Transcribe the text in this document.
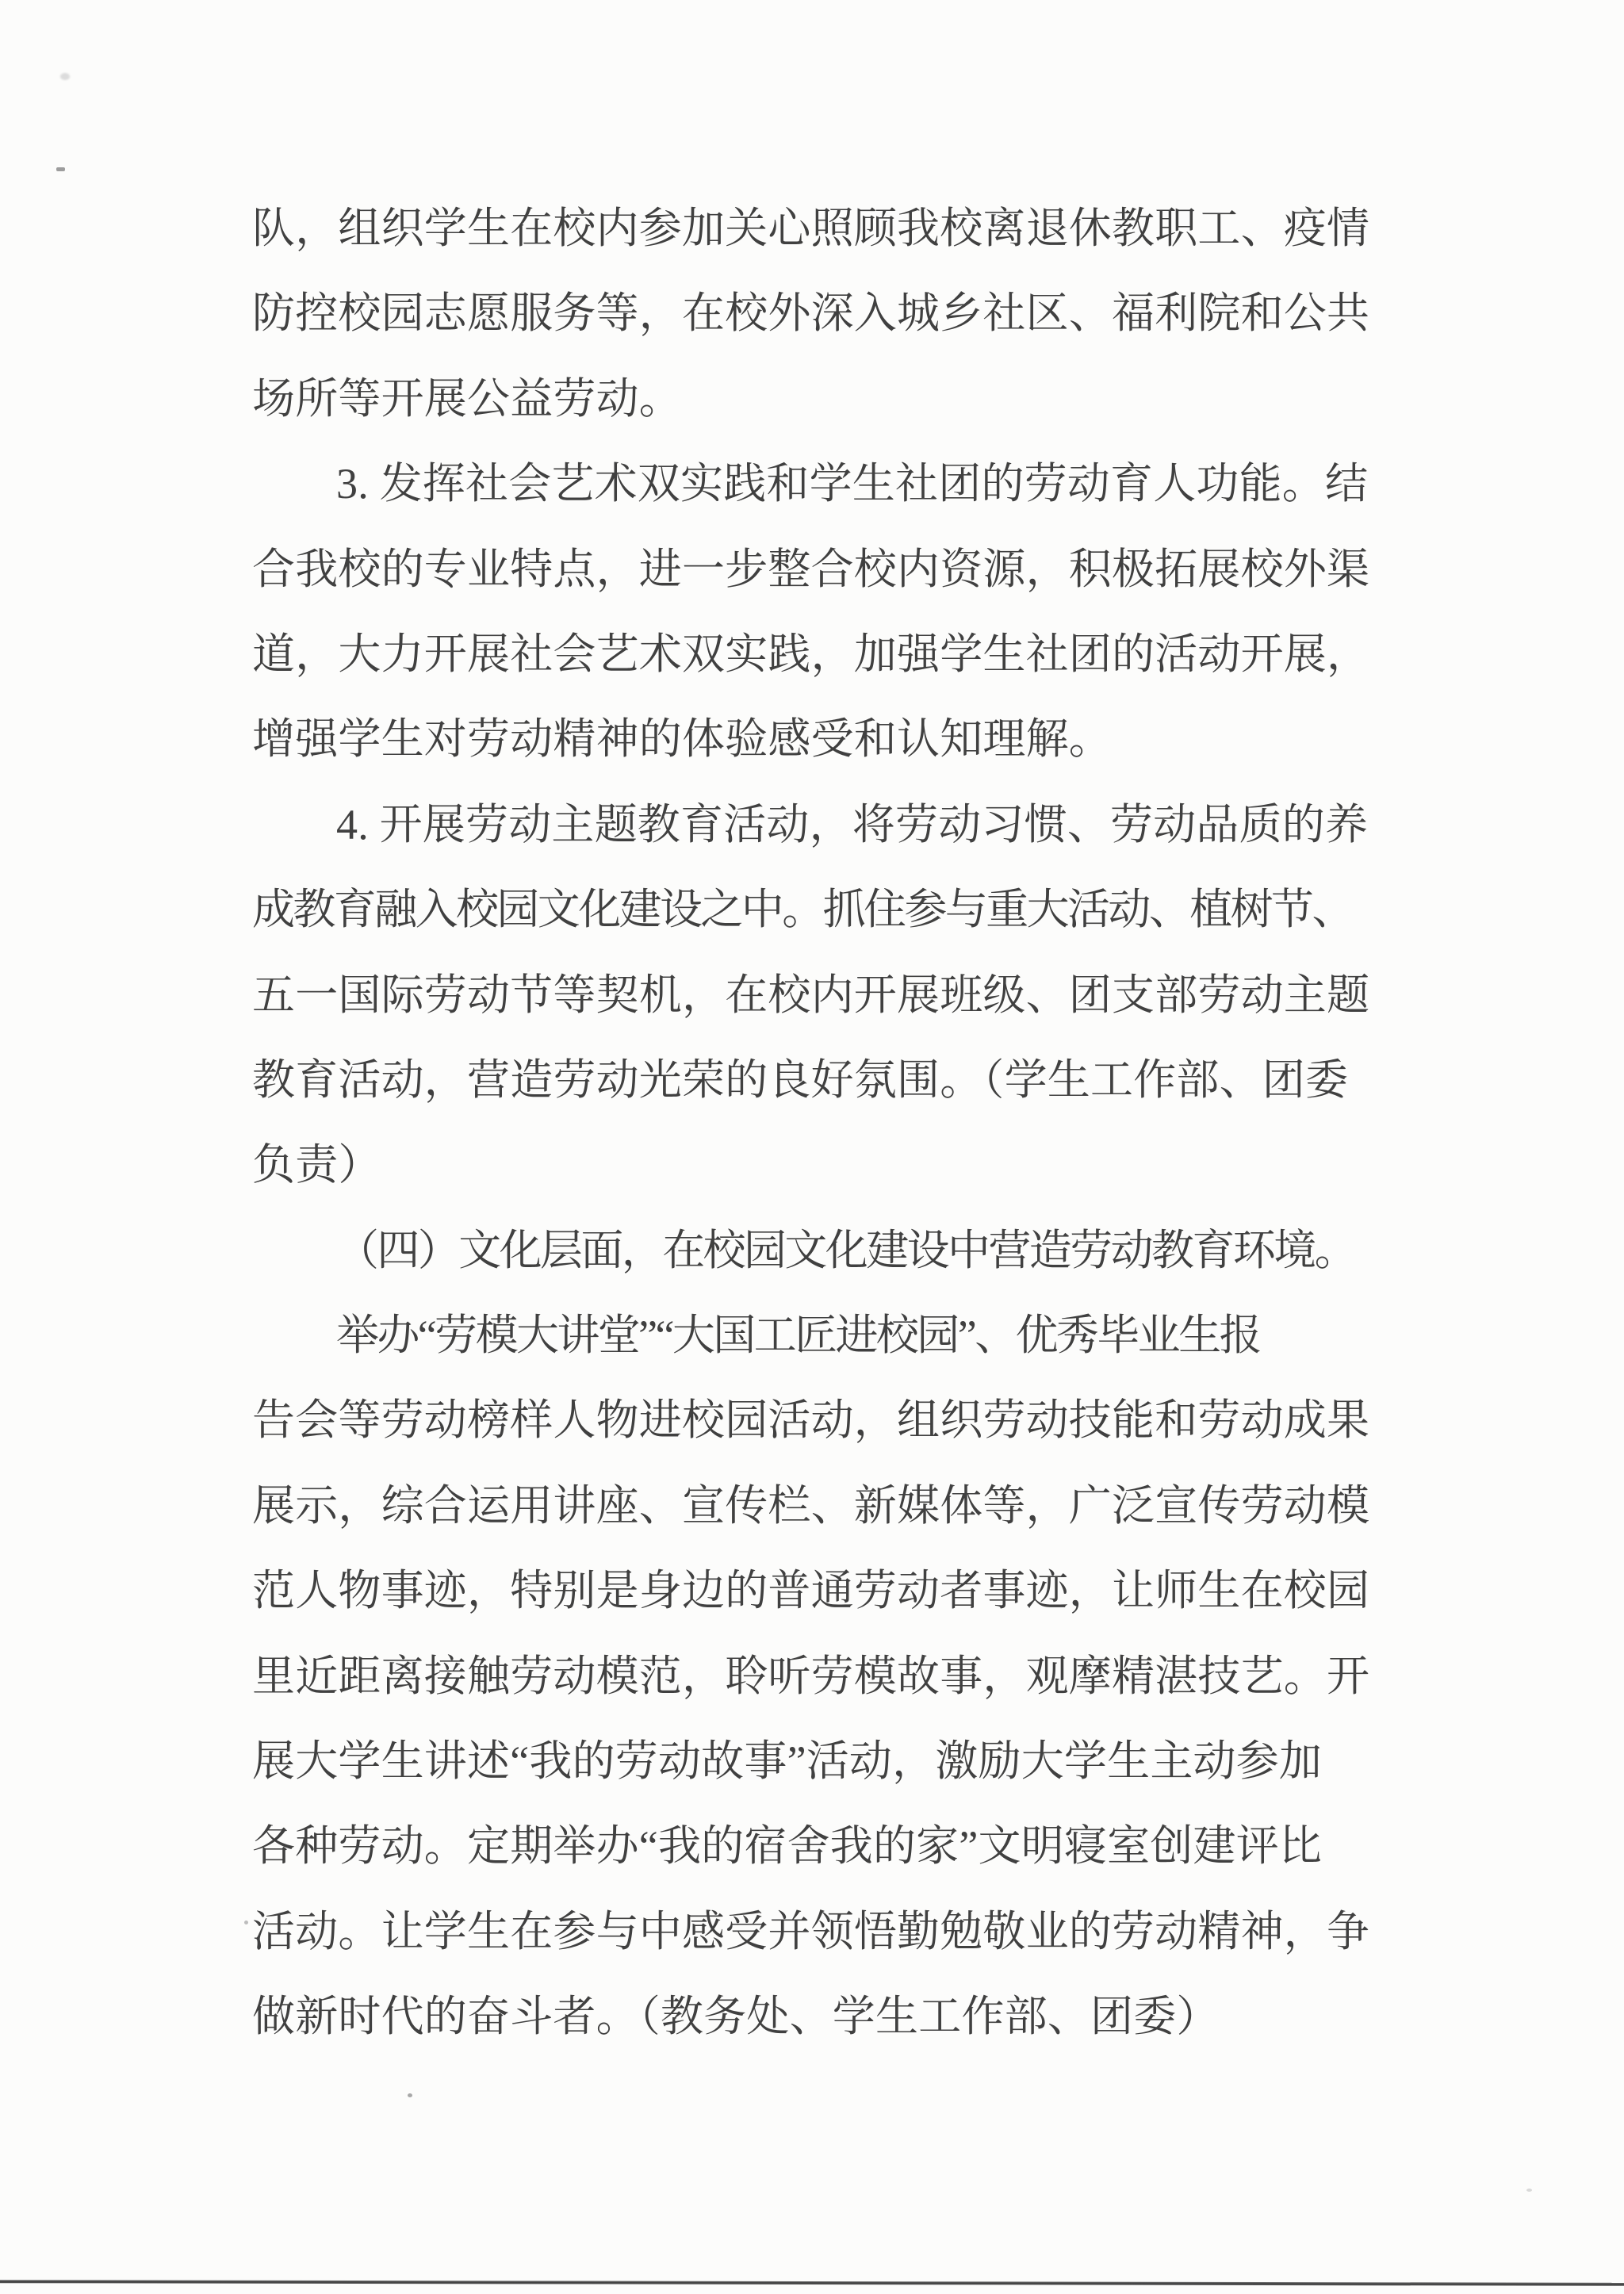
队，组织学生在校内参加关心照顾我校离退休教职工、疫情
防控校园志愿服务等，在校外深入城乡社区、福利院和公共
场所等开展公益劳动。
3. 发挥社会艺术双实践和学生社团的劳动育人功能。结
合我校的专业特点，进一步整合校内资源，积极拓展校外渠
道，大力开展社会艺术双实践，加强学生社团的活动开展，
增强学生对劳动精神的体验感受和认知理解。
4. 开展劳动主题教育活动，将劳动习惯、劳动品质的养
成教育融入校园文化建设之中。抓住参与重大活动、植树节、
五一国际劳动节等契机，在校内开展班级、团支部劳动主题
教育活动，营造劳动光荣的良好氛围。（学生工作部、团委
负责）
（四）文化层面，在校园文化建设中营造劳动教育环境。
举办“劳模大讲堂”“大国工匠进校园”、优秀毕业生报
告会等劳动榜样人物进校园活动，组织劳动技能和劳动成果
展示，综合运用讲座、宣传栏、新媒体等，广泛宣传劳动模
范人物事迹，特别是身边的普通劳动者事迹，让师生在校园
里近距离接触劳动模范，聆听劳模故事，观摩精湛技艺。开
展大学生讲述“我的劳动故事”活动，激励大学生主动参加
各种劳动。定期举办“我的宿舍我的家”文明寝室创建评比
活动。让学生在参与中感受并领悟勤勉敬业的劳动精神，争
做新时代的奋斗者。（教务处、学生工作部、团委）
